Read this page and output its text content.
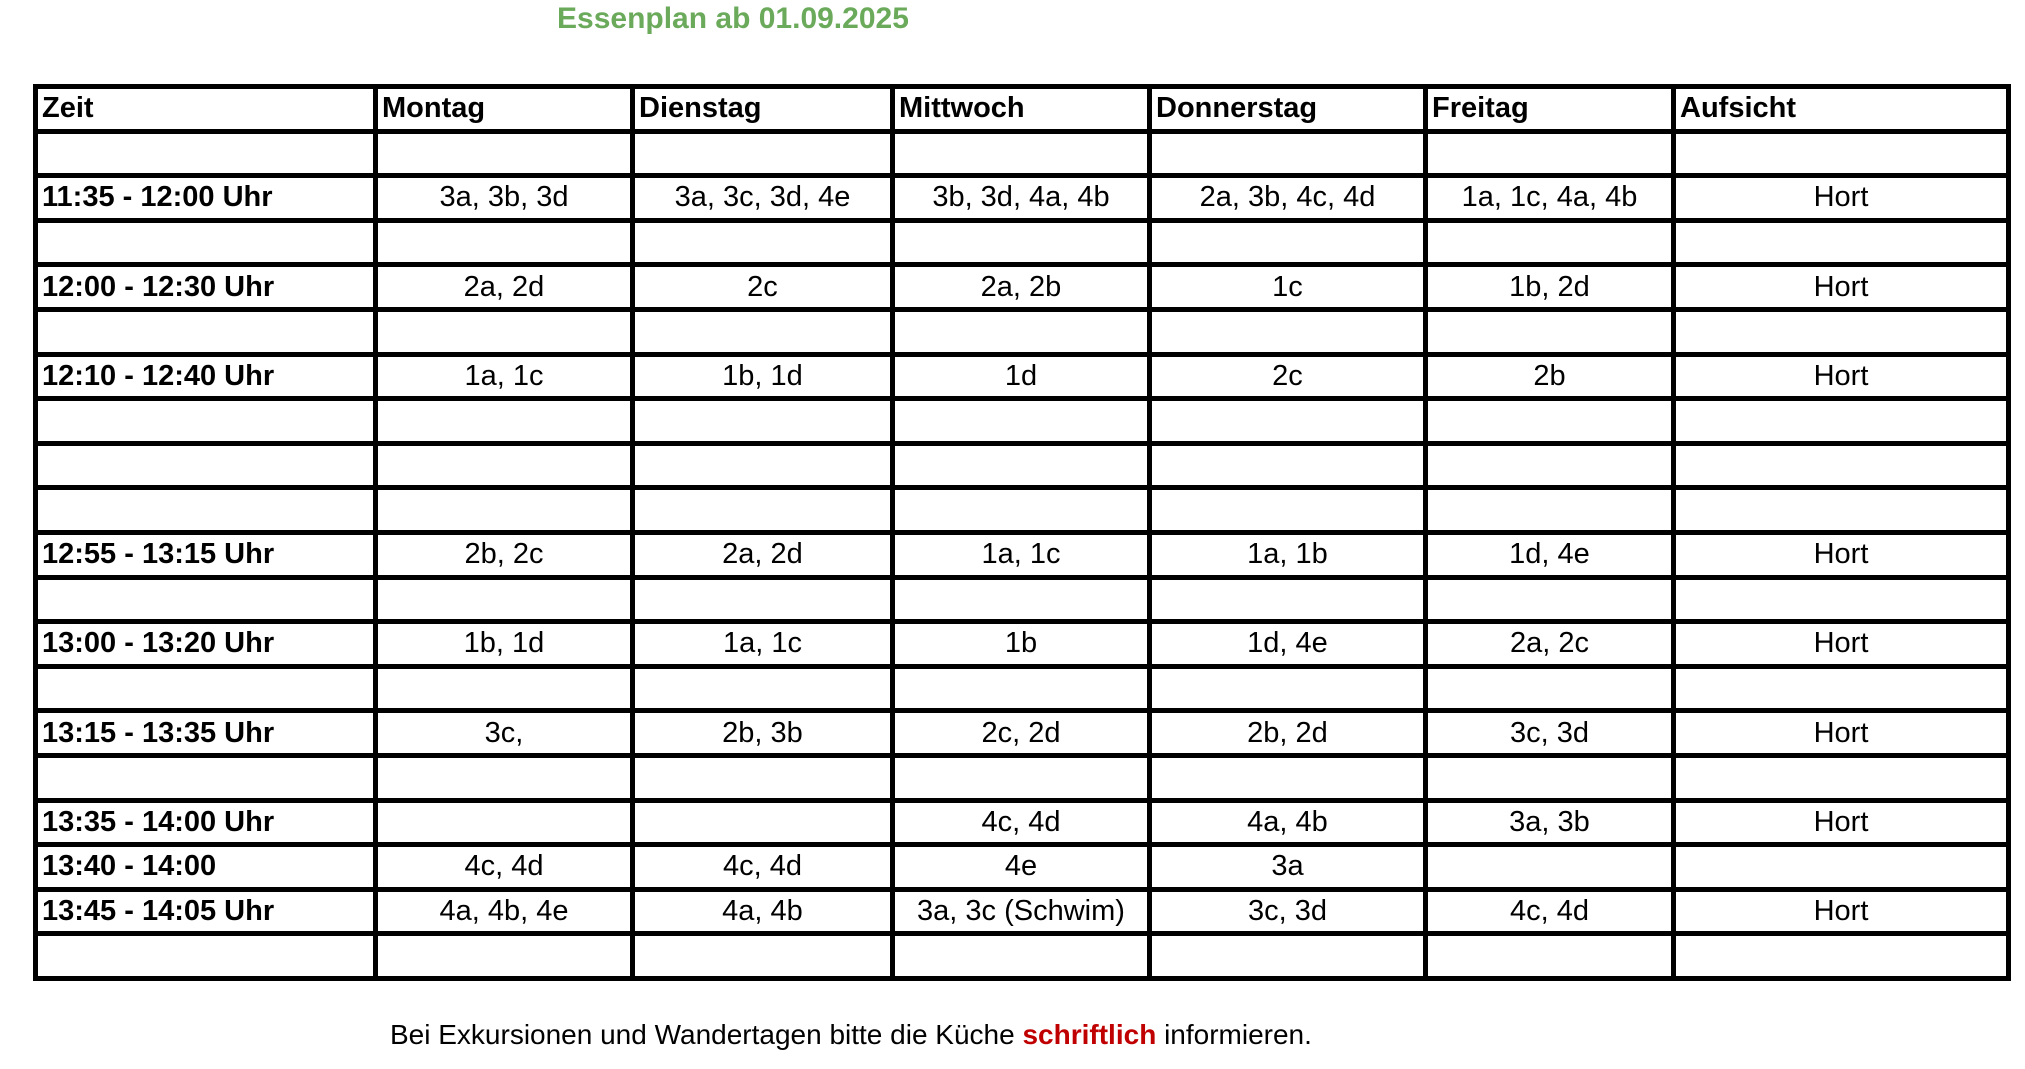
Essenplan ab 01.09.2025
Zeit	Montag	Dienstag	Mittwoch	Donnerstag	Freitag	Aufsicht

11:35 - 12:00 Uhr	3a, 3b, 3d	3a, 3c, 3d, 4e	3b, 3d, 4a, 4b	2a, 3b, 4c, 4d	1a, 1c, 4a, 4b	Hort

12:00 - 12:30 Uhr	2a, 2d	2c	2a, 2b	1c	1b, 2d	Hort

12:10 - 12:40 Uhr	1a, 1c	1b, 1d	1d	2c	2b	Hort

12:55 - 13:15 Uhr	2b, 2c	2a, 2d	1a, 1c	1a, 1b	1d, 4e	Hort

13:00 - 13:20 Uhr	1b, 1d	1a, 1c	1b	1d, 4e	2a, 2c	Hort

13:15 - 13:35 Uhr	3c,	2b, 3b	2c, 2d	2b, 2d	3c, 3d	Hort

13:35 - 14:00 Uhr			4c, 4d	4a, 4b	3a, 3b	Hort
13:40 - 14:00	4c, 4d	4c, 4d	4e	3a		
13:45 - 14:05 Uhr	4a, 4b, 4e	4a, 4b	3a, 3c (Schwim)	3c, 3d	4c, 4d	Hort

Bei Exkursionen und Wandertagen bitte die Küche schriftlich informieren.
